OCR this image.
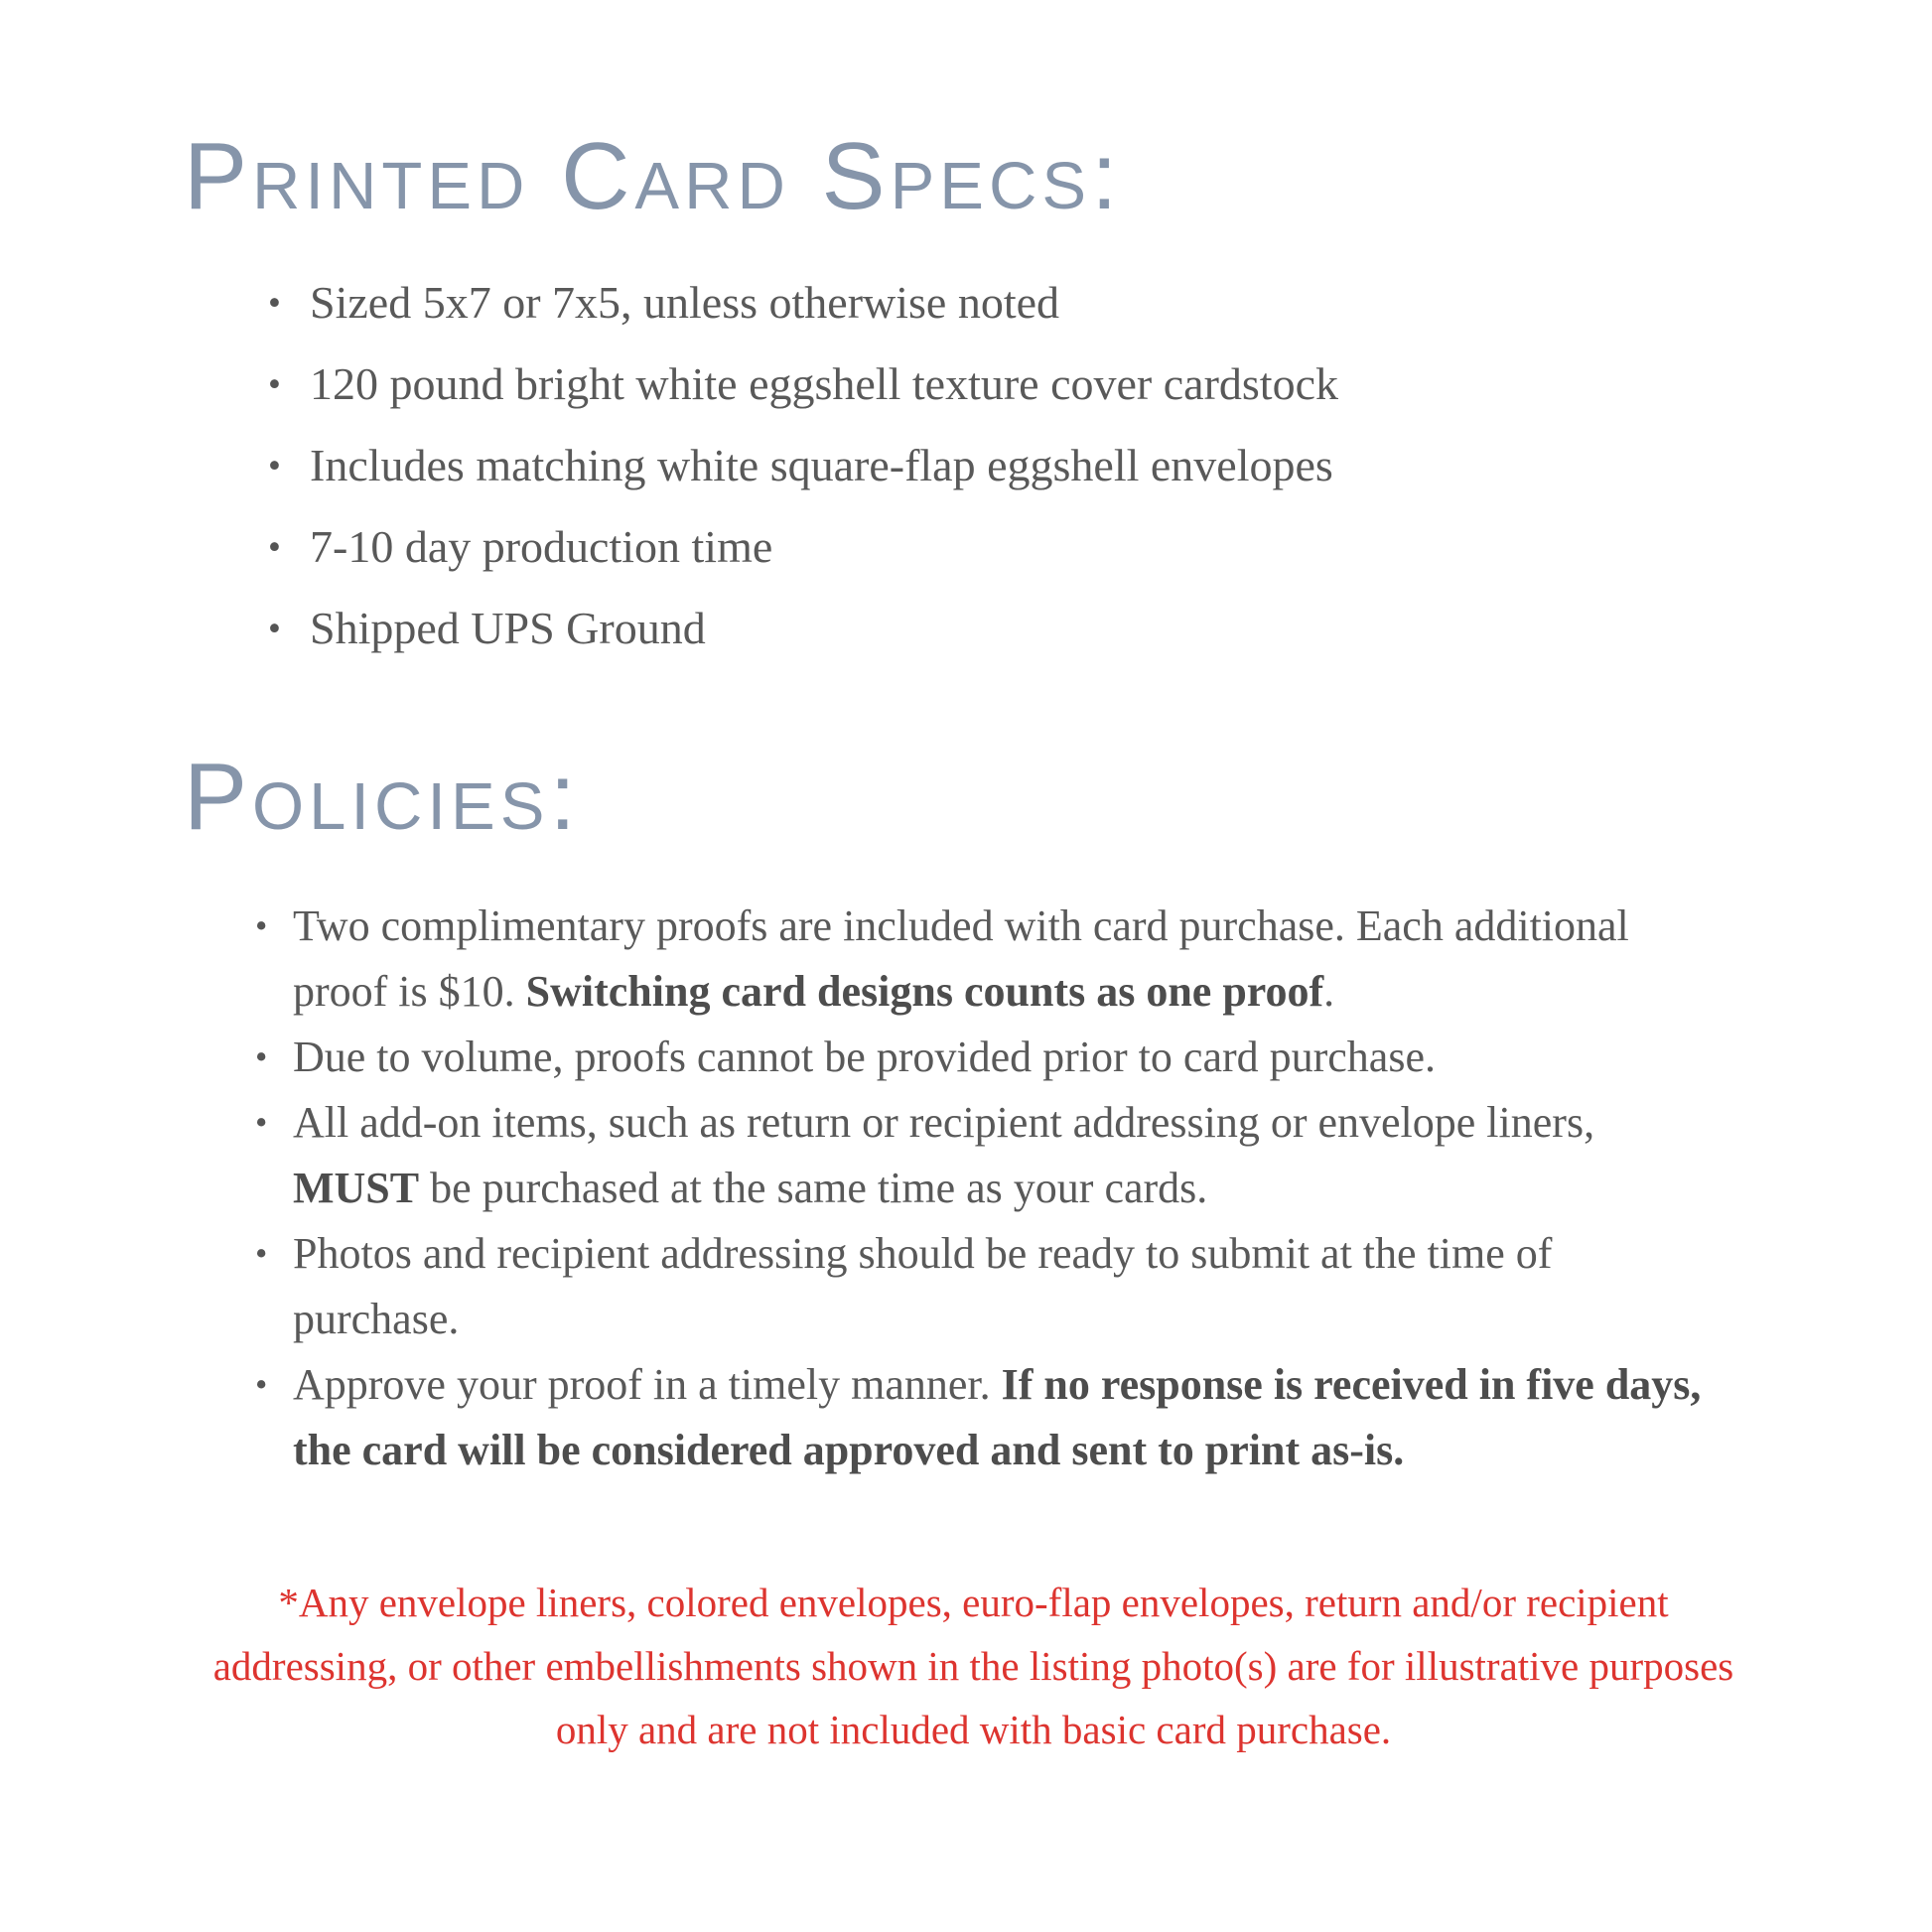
Printed Card Specs:
• Sized 5x7 or 7x5, unless otherwise noted
• 120 pound bright white eggshell texture cover cardstock
• Includes matching white square-flap eggshell envelopes
• 7-10 day production time
• Shipped UPS Ground
Policies:
• Two complimentary proofs are included with card purchase. Each additional proof is $10. Switching card designs counts as one proof.
• Due to volume, proofs cannot be provided prior to card purchase.
• All add-on items, such as return or recipient addressing or envelope liners, MUST be purchased at the same time as your cards.
• Photos and recipient addressing should be ready to submit at the time of purchase.
• Approve your proof in a timely manner. If no response is received in five days, the card will be considered approved and sent to print as-is.

*Any envelope liners, colored envelopes, euro-flap envelopes, return and/or recipient addressing, or other embellishments shown in the listing photo(s) are for illustrative purposes only and are not included with basic card purchase.
